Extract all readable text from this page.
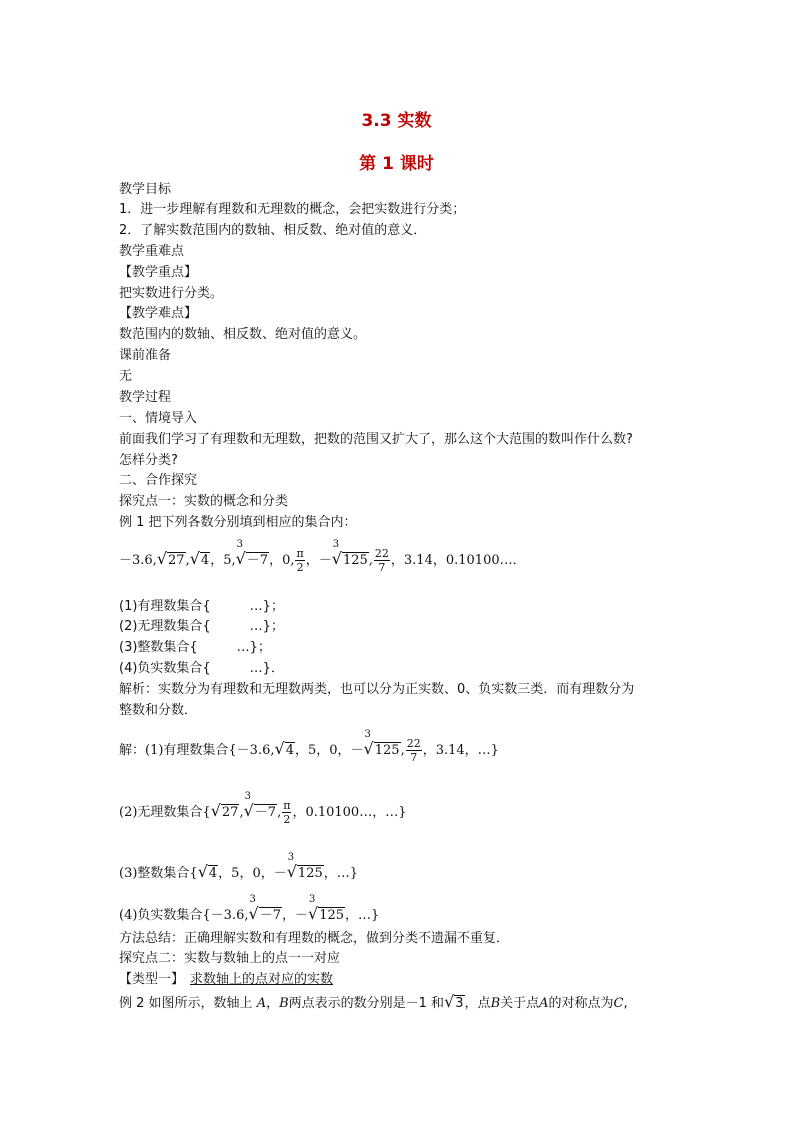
3.3 实数
第 1 课时
教学目标
1．进一步理解有理数和无理数的概念，会把实数进行分类；
2．了解实数范围内的数轴、相反数、绝对值的意义．
教学重难点
【教学重点】
把实数进行分类。
【教学难点】
数范围内的数轴、相反数、绝对值的意义。
课前准备
无
教学过程
一、情境导入
前面我们学习了有理数和无理数，把数的范围又扩大了，那么这个大范围的数叫作什么数?
怎样分类?
二、合作探究
探究点一：实数的概念和分类
例 1 把下列各数分别填到相应的集合内：
－3.6,√27,√4，5,
3
√－7，0, $\frac{\pi}{2}$ ，－
3
√125, $\frac{22}{7}$ ，3.14，0.10100…．
(1)有理数集合{　　　…}；
(2)无理数集合{　　　…}；
(3)整数集合{　　　…}；
(4)负实数集合{　　　…}．
解析：实数分为有理数和无理数两类，也可以分为正实数、0、负实数三类．而有理数分为
整数和分数．
解：(1)有理数集合{－3.6,√4，5，0，－
3
√125, $\frac{22}{7}$ ，3.14，…}
(2)无理数集合{√27,
3
√－7, $\frac{\pi}{2}$ ，0.10100…，…}
(3)整数集合{√4，5，0，－
3
√125，…}
(4)负实数集合{－3.6,
3
√－7，－
3
√125，…}
方法总结：正确理解实数和有理数的概念，做到分类不遗漏不重复．
探究点二：实数与数轴上的点一一对应
【类型一】 求数轴上的点对应的实数
例 2 如图所示，数轴上 A，B两点表示的数分别是－1 和√3，点B关于点A的对称点为C,
